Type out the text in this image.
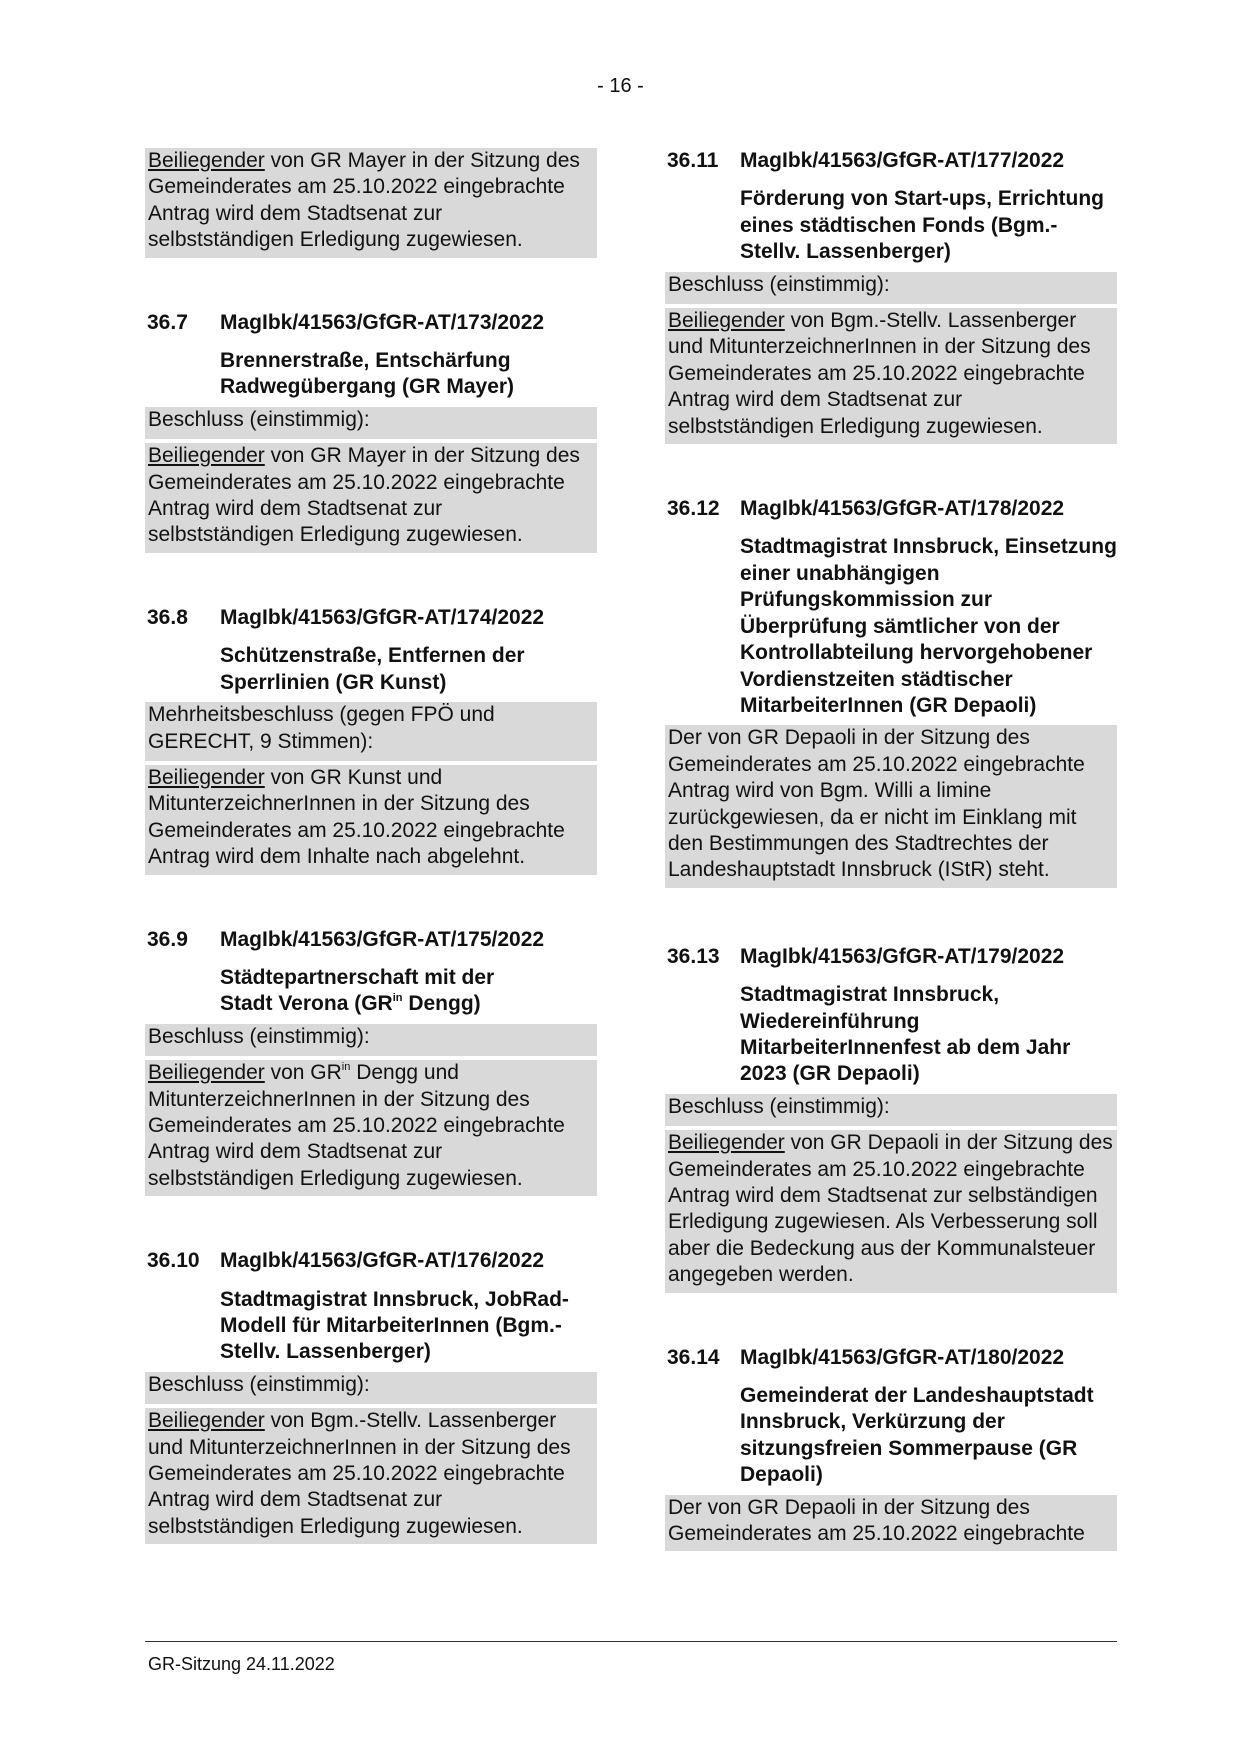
- 16 -

Beiliegender von GR Mayer in der Sitzung des Gemeinderates am 25.10.2022 eingebrachte Antrag wird dem Stadtsenat zur selbstständigen Erledigung zugewiesen.

36.7	MagIbk/41563/GfGR-AT/173/2022
Brennerstraße, Entschärfung Radwegübergang (GR Mayer)

Beschluss (einstimmig):

Beiliegender von GR Mayer in der Sitzung des Gemeinderates am 25.10.2022 eingebrachte Antrag wird dem Stadtsenat zur selbstständigen Erledigung zugewiesen.

36.8	MagIbk/41563/GfGR-AT/174/2022
Schützenstraße, Entfernen der Sperrlinien (GR Kunst)

Mehrheitsbeschluss (gegen FPÖ und GERECHT, 9 Stimmen):

Beiliegender von GR Kunst und MitunterzeichnerInnen in der Sitzung des Gemeinderates am 25.10.2022 eingebrachte Antrag wird dem Inhalte nach abgelehnt.

36.9	MagIbk/41563/GfGR-AT/175/2022
Städtepartnerschaft mit der Stadt Verona ($GR^{in}$ Dengg)

Beschluss (einstimmig):

Beiliegender von $GR^{in}$ Dengg und MitunterzeichnerInnen in der Sitzung des Gemeinderates am 25.10.2022 eingebrachte Antrag wird dem Stadtsenat zur selbstständigen Erledigung zugewiesen.

36.10 MagIbk/41563/GfGR-AT/176/2022
Stadtmagistrat Innsbruck, JobRad-Modell für MitarbeiterInnen (Bgm.-Stellv. Lassenberger)

Beschluss (einstimmig):

Beiliegender von Bgm.-Stellv. Lassenberger und MitunterzeichnerInnen in der Sitzung des Gemeinderates am 25.10.2022 eingebrachte Antrag wird dem Stadtsenat zur selbstständigen Erledigung zugewiesen.

36.11	MagIbk/41563/GfGR-AT/177/2022
Förderung von Start-ups, Errichtung eines städtischen Fonds (Bgm.-Stellv. Lassenberger)

Beschluss (einstimmig):

Beiliegender von Bgm.-Stellv. Lassenberger und MitunterzeichnerInnen in der Sitzung des Gemeinderates am 25.10.2022 eingebrachte Antrag wird dem Stadtsenat zur selbstständigen Erledigung zugewiesen.

36.12 MagIbk/41563/GfGR-AT/178/2022
Stadtmagistrat Innsbruck, Einsetzung einer unabhängigen Prüfungskommission zur Überprüfung sämtlicher von der Kontrollabteilung hervorgehobener Vordienstzeiten städtischer MitarbeiterInnen (GR Depaoli)

Der von GR Depaoli in der Sitzung des Gemeinderates am 25.10.2022 eingebrachte Antrag wird von Bgm. Willi a limine zurückgewiesen, da er nicht im Einklang mit den Bestimmungen des Stadtrechtes der Landeshauptstadt Innsbruck (IStR) steht.

36.13 MagIbk/41563/GfGR-AT/179/2022
Stadtmagistrat Innsbruck, Wiedereinführung MitarbeiterInnenfest ab dem Jahr 2023 (GR Depaoli)

Beschluss (einstimmig):

Beiliegender von GR Depaoli in der Sitzung des Gemeinderates am 25.10.2022 eingebrachte Antrag wird dem Stadtsenat zur selbständigen Erledigung zugewiesen. Als Verbesserung soll aber die Bedeckung aus der Kommunalsteuer angegeben werden.

36.14 MagIbk/41563/GfGR-AT/180/2022
Gemeinderat der Landeshauptstadt Innsbruck, Verkürzung der sitzungsfreien Sommerpause (GR Depaoli)

Der von GR Depaoli in der Sitzung des Gemeinderates am 25.10.2022 eingebrachte

GR-Sitzung 24.11.2022
